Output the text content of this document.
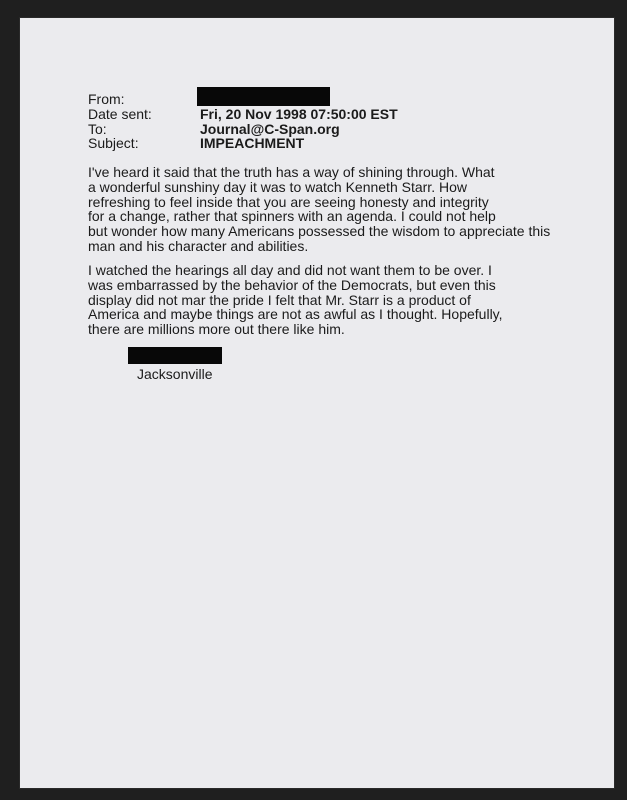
From:
Date sent:	Fri, 20 Nov 1998 07:50:00 EST
To:	Journal@C-Span.org
Subject:	IMPEACHMENT

I've heard it said that the truth has a way of shining through. What

a wonderful sunshiny day it was to watch Kenneth Starr. How

refreshing to feel inside that you are seeing honesty and integrity

for a change, rather that spinners with an agenda. I could not help

but wonder how many Americans possessed the wisdom to appreciate this

man and his character and abilities.

I watched the hearings all day and did not want them to be over. I

was embarrassed by the behavior of the Democrats, but even this

display did not mar the pride I felt that Mr. Starr is a product of

America and maybe things are not as awful as I thought. Hopefully,

there are millions more out there like him.

Jacksonville
